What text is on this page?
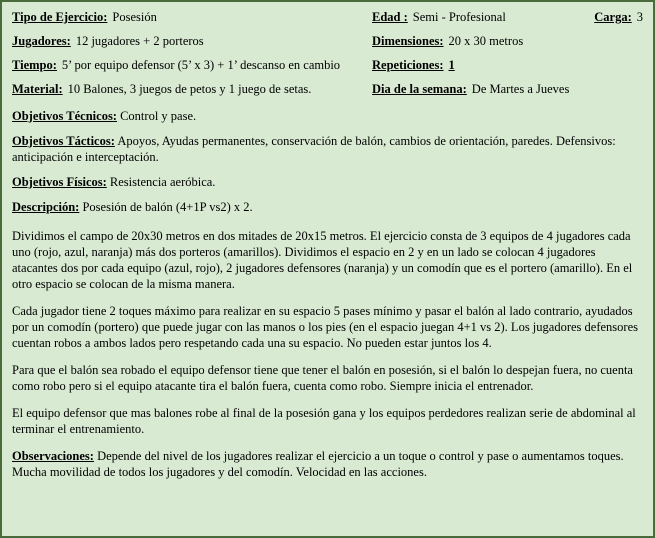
Tipo de Ejercicio: Posesión	Edad : Semi - Profesional	Carga: 3
Jugadores: 12 jugadores + 2 porteros	Dimensiones: 20 x 30 metros
Tiempo: 5’ por equipo defensor (5’ x 3) + 1’ descanso en cambio	Repeticiones: 1
Material: 10 Balones, 3 juegos de petos y 1 juego de setas.	Dia de la semana: De Martes a Jueves
Objetivos Técnicos: Control y pase.
Objetivos Tácticos: Apoyos, Ayudas permanentes, conservación de balón, cambios de orientación, paredes. Defensivos: anticipación e interceptación.
Objetivos Físicos: Resistencia aeróbica.
Descripción: Posesión de balón (4+1P vs2) x 2.
Dividimos el campo de 20x30 metros en dos mitades de 20x15 metros. El ejercicio consta de 3 equipos de 4 jugadores cada uno (rojo, azul, naranja) más dos porteros (amarillos). Dividimos el espacio en 2 y en un lado se colocan 4 jugadores atacantes dos por cada equipo (azul, rojo), 2 jugadores defensores (naranja) y un comodín que es el portero (amarillo). En el otro espacio se colocan de la misma manera.
Cada jugador tiene 2 toques máximo para realizar en su espacio 5 pases mínimo y pasar el balón al lado contrario, ayudados por un comodín (portero) que puede jugar con las manos o los pies (en el espacio juegan 4+1 vs 2). Los jugadores defensores cuentan robos a ambos lados pero respetando cada una su espacio. No pueden estar juntos los 4.
Para que el balón sea robado el equipo defensor tiene que tener el balón en posesión, si el balón lo despejan fuera, no cuenta como robo pero si el equipo atacante tira el balón fuera, cuenta como robo. Siempre inicia el entrenador.
El equipo defensor que mas balones robe al final de la posesión gana y los equipos perdedores realizan serie de abdominal al terminar el entrenamiento.
Observaciones: Depende del nivel de los jugadores realizar el ejercicio a un toque o control y pase o aumentamos toques. Mucha movilidad de todos los jugadores y del comodín. Velocidad en las acciones.
